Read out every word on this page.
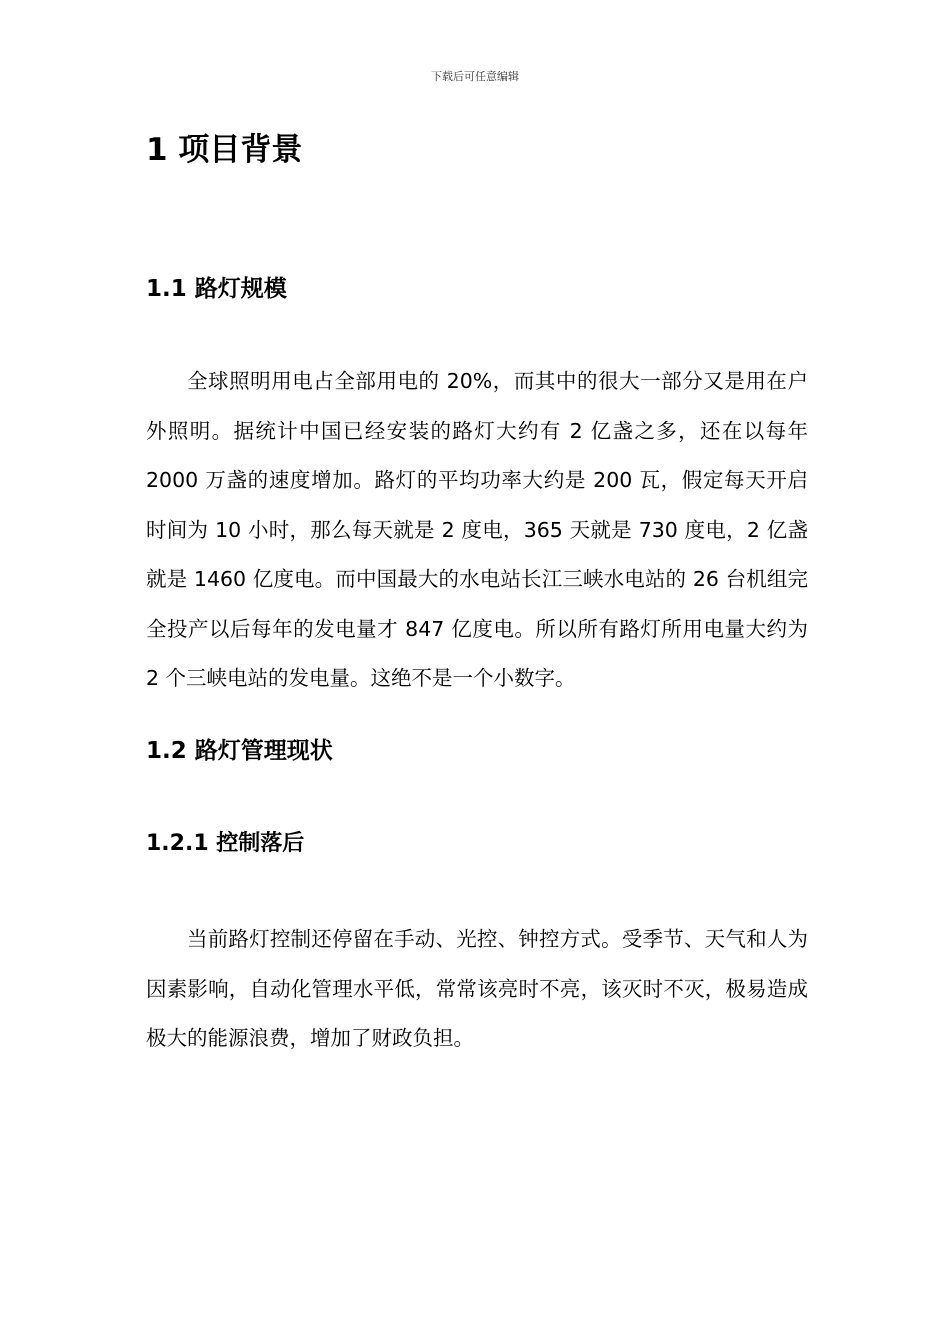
下载后可任意编辑
1 项目背景
1.1 路灯规模

全球照明用电占全部用电的 20%，而其中的很大一部分又是用在户外照明。据统计中国已经安装的路灯大约有 2 亿盏之多，还在以每年 2000 万盏的速度增加。路灯的平均功率大约是 200 瓦，假定每天开启时间为 10 小时，那么每天就是 2 度电，365 天就是 730 度电，2 亿盏就是 1460 亿度电。而中国最大的水电站长江三峡水电站的 26 台机组完全投产以后每年的发电量才 847 亿度电。所以所有路灯所用电量大约为 2 个三峡电站的发电量。这绝不是一个小数字。

1.2 路灯管理现状
1.2.1 控制落后

当前路灯控制还停留在手动、光控、钟控方式。受季节、天气和人为因素影响，自动化管理水平低，常常该亮时不亮，该灭时不灭，极易造成极大的能源浪费，增加了财政负担。
